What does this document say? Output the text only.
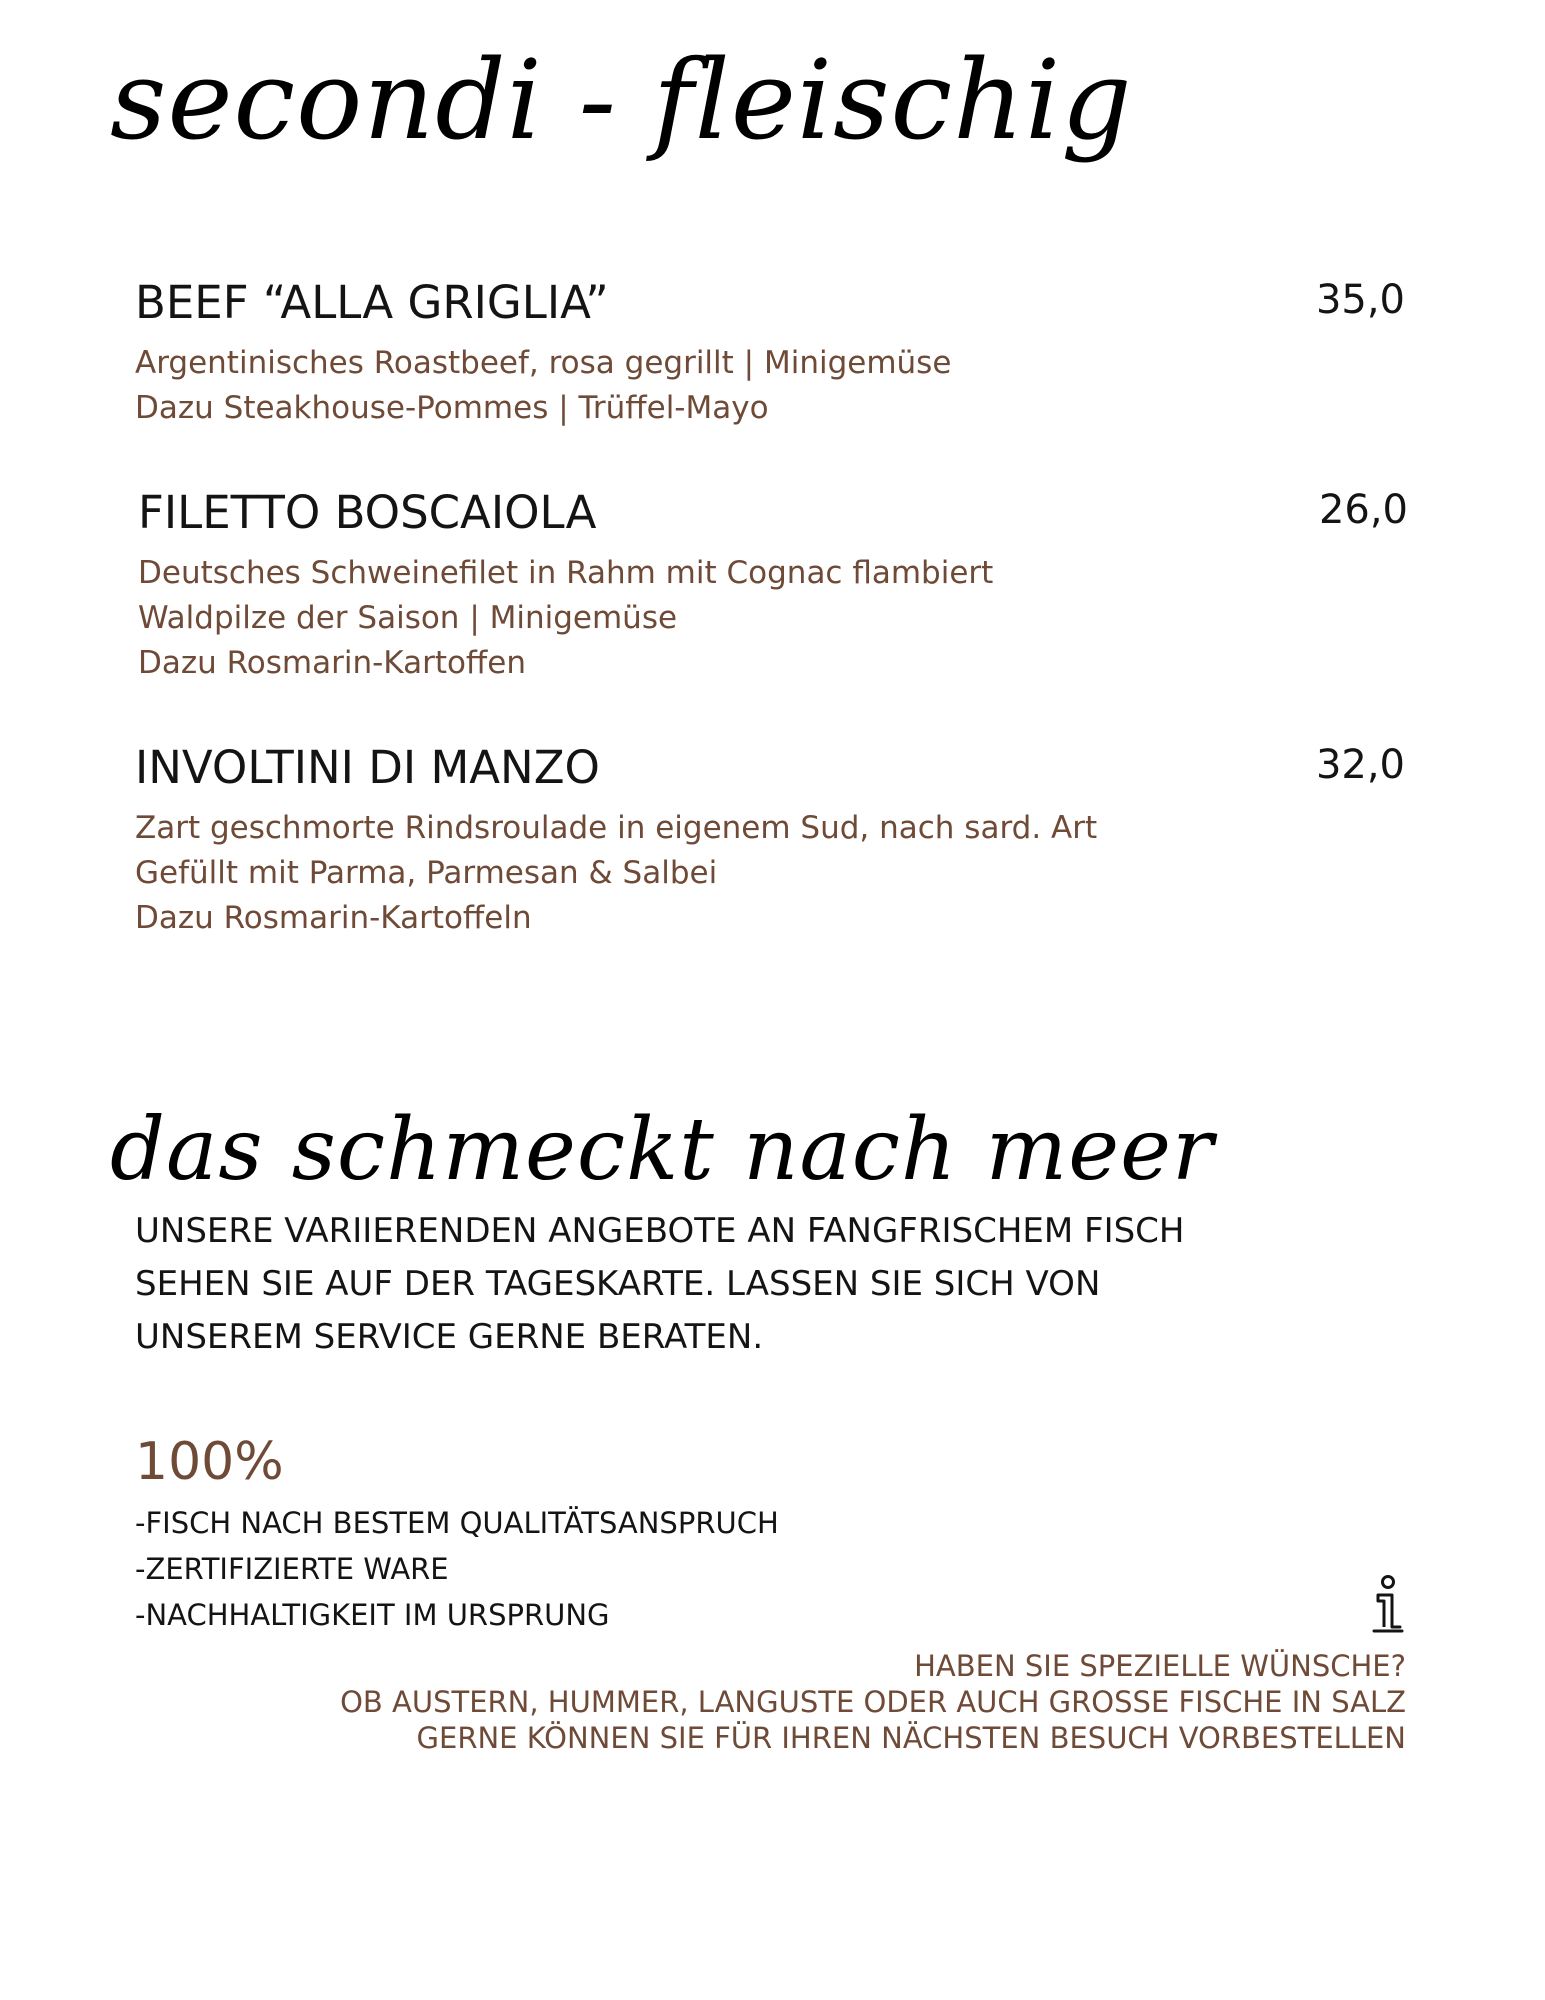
secondi - fleischig
BEEF “ALLA GRIGLIA”	35,0
Argentinisches Roastbeef, rosa gegrillt | Minigemüse
Dazu Steakhouse-Pommes | Trüffel-Mayo
FILETTO BOSCAIOLA	26,0
Deutsches Schweinefilet in Rahm mit Cognac flambiert
Waldpilze der Saison | Minigemüse
Dazu Rosmarin-Kartoffen
INVOLTINI DI MANZO	32,0
Zart geschmorte Rindsroulade in eigenem Sud, nach sard. Art
Gefüllt mit Parma, Parmesan & Salbei
Dazu Rosmarin-Kartoffeln
das schmeckt nach meer
UNSERE VARIIERENDEN ANGEBOTE AN FANGFRISCHEM FISCH
SEHEN SIE AUF DER TAGESKARTE. LASSEN SIE SICH VON
UNSEREM SERVICE GERNE BERATEN.
100%
-FISCH NACH BESTEM QUALITÄTSANSPRUCH
-ZERTIFIZIERTE WARE
-NACHHALTIGKEIT IM URSPRUNG
HABEN SIE SPEZIELLE WÜNSCHE?
OB AUSTERN, HUMMER, LANGUSTE ODER AUCH GROSSE FISCHE IN SALZ
GERNE KÖNNEN SIE FÜR IHREN NÄCHSTEN BESUCH VORBESTELLEN
